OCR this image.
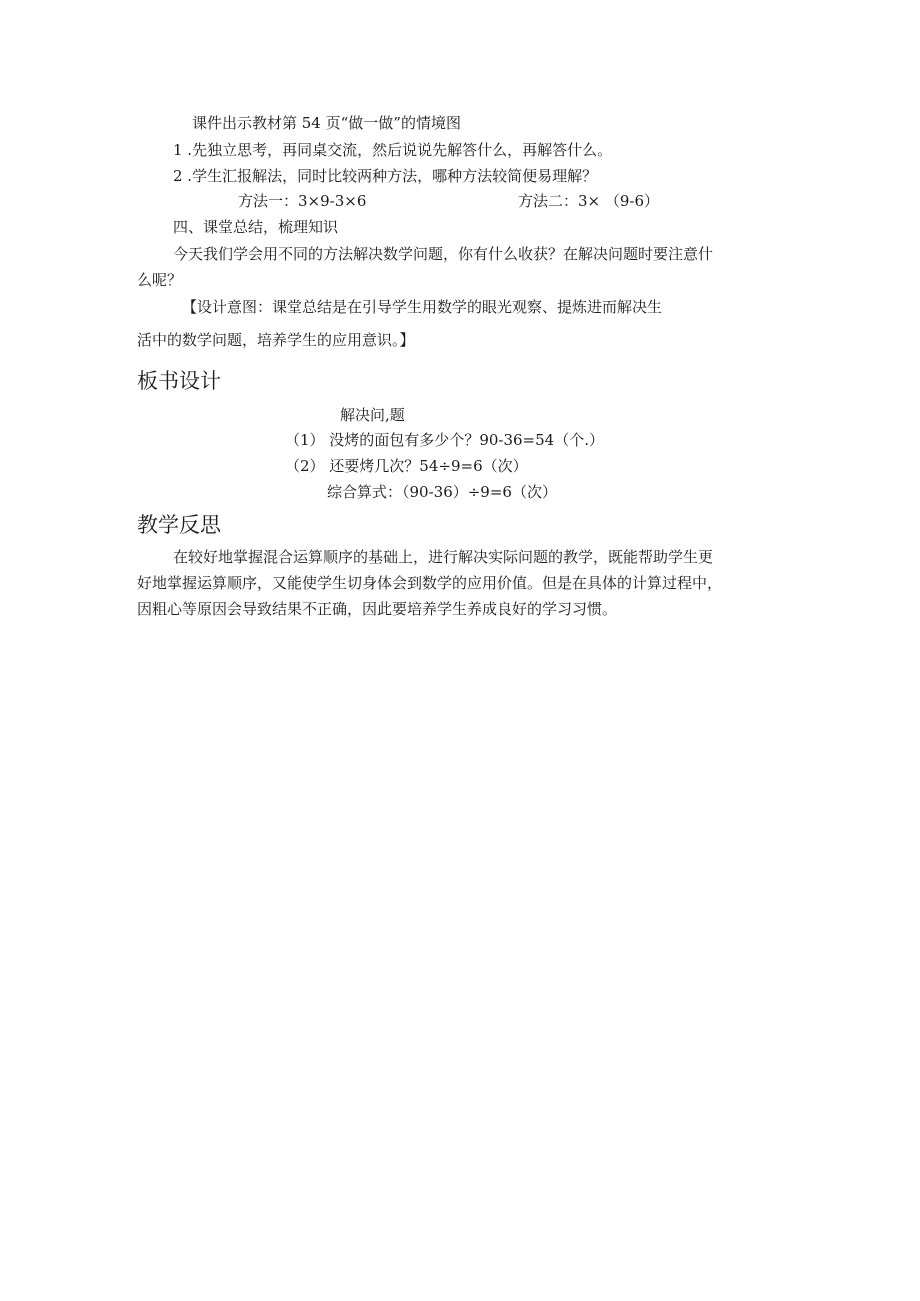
课件出示教材第 54 页“做一做”的情境图
1 .先独立思考，再同桌交流，然后说说先解答什么，再解答什么。
2 .学生汇报解法，同时比较两种方法，哪种方法较简便易理解？
方法一：3×9-3×6	方法二：3× （9-6）
四、课堂总结，梳理知识
今天我们学会用不同的方法解决数学问题，你有什么收获？在解决问题时要注意什
么呢？
【设计意图：课堂总结是在引导学生用数学的眼光观察、提炼进而解决生
活中的数学问题，培养学生的应用意识。】
板书设计
解决问,题
（1） 没烤的面包有多少个？90-36=54（个.）
（2） 还要烤几次？54÷9=6（次）
综合算式：（90-36）÷9=6（次）
教学反思
在较好地掌握混合运算顺序的基础上，进行解决实际问题的教学，既能帮助学生更
好地掌握运算顺序，又能使学生切身体会到数学的应用价值。但是在具体的计算过程中，
因粗心等原因会导致结果不正确，因此要培养学生养成良好的学习习惯。
